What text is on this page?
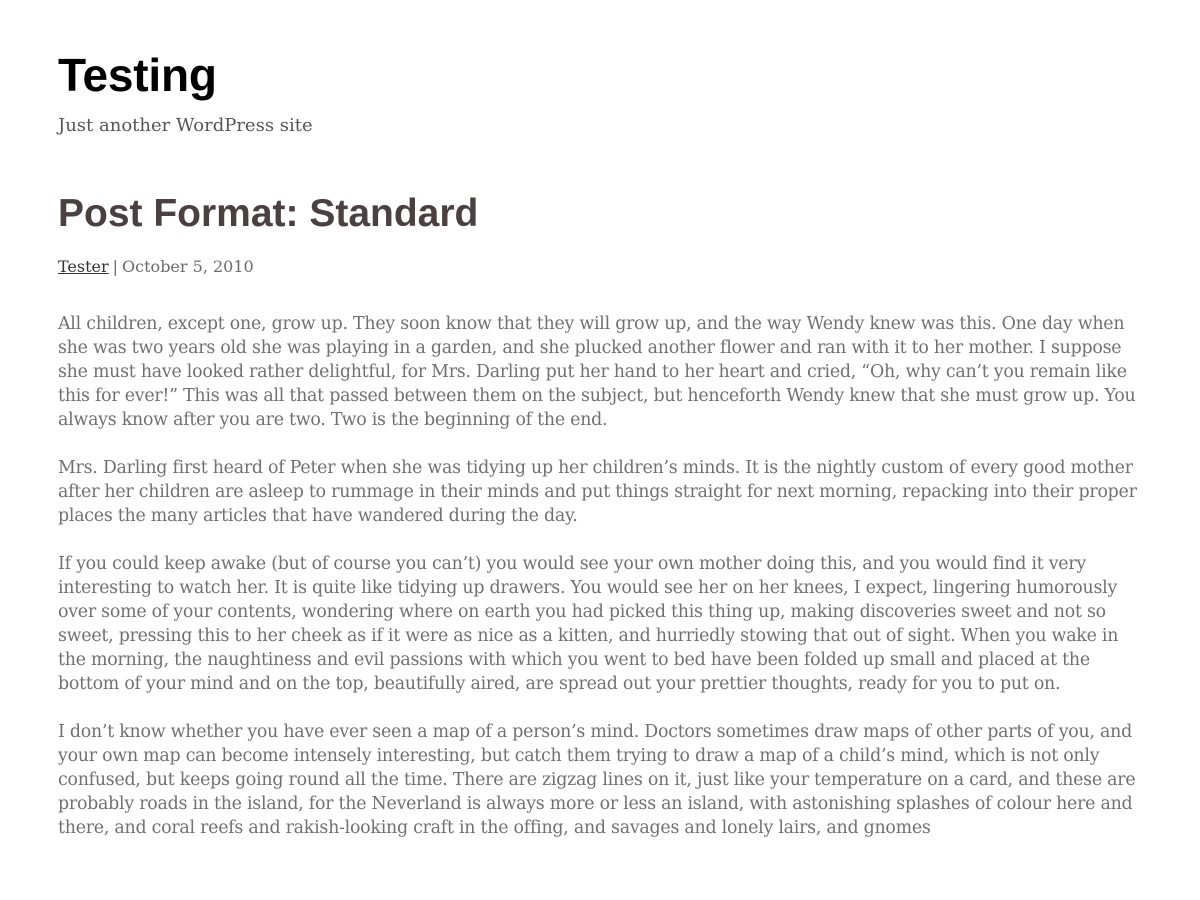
Testing

Just another WordPress site

Post Format: Standard
Tester | October 5, 2010

All children, except one, grow up. They soon know that they will grow up, and the way Wendy knew was this. One day when she was two years old she was playing in a garden, and she plucked another flower and ran with it to her mother. I suppose she must have looked rather delightful, for Mrs. Darling put her hand to her heart and cried, “Oh, why can’t you remain like this for ever!” This was all that passed between them on the subject, but henceforth Wendy knew that she must grow up. You always know after you are two. Two is the beginning of the end.

Mrs. Darling first heard of Peter when she was tidying up her children’s minds. It is the nightly custom of every good mother after her children are asleep to rummage in their minds and put things straight for next morning, repacking into their proper places the many articles that have wandered during the day.

If you could keep awake (but of course you can’t) you would see your own mother doing this, and you would find it very interesting to watch her. It is quite like tidying up drawers. You would see her on her knees, I expect, lingering humorously over some of your contents, wondering where on earth you had picked this thing up, making discoveries sweet and not so sweet, pressing this to her cheek as if it were as nice as a kitten, and hurriedly stowing that out of sight. When you wake in the morning, the naughtiness and evil passions with which you went to bed have been folded up small and placed at the bottom of your mind and on the top, beautifully aired, are spread out your prettier thoughts, ready for you to put on.

I don’t know whether you have ever seen a map of a person’s mind. Doctors sometimes draw maps of other parts of you, and your own map can become intensely interesting, but catch them trying to draw a map of a child’s mind, which is not only confused, but keeps going round all the time. There are zigzag lines on it, just like your temperature on a card, and these are probably roads in the island, for the Neverland is always more or less an island, with astonishing splashes of colour here and there, and coral reefs and rakish-looking craft in the offing, and savages and lonely lairs, and gnomes
